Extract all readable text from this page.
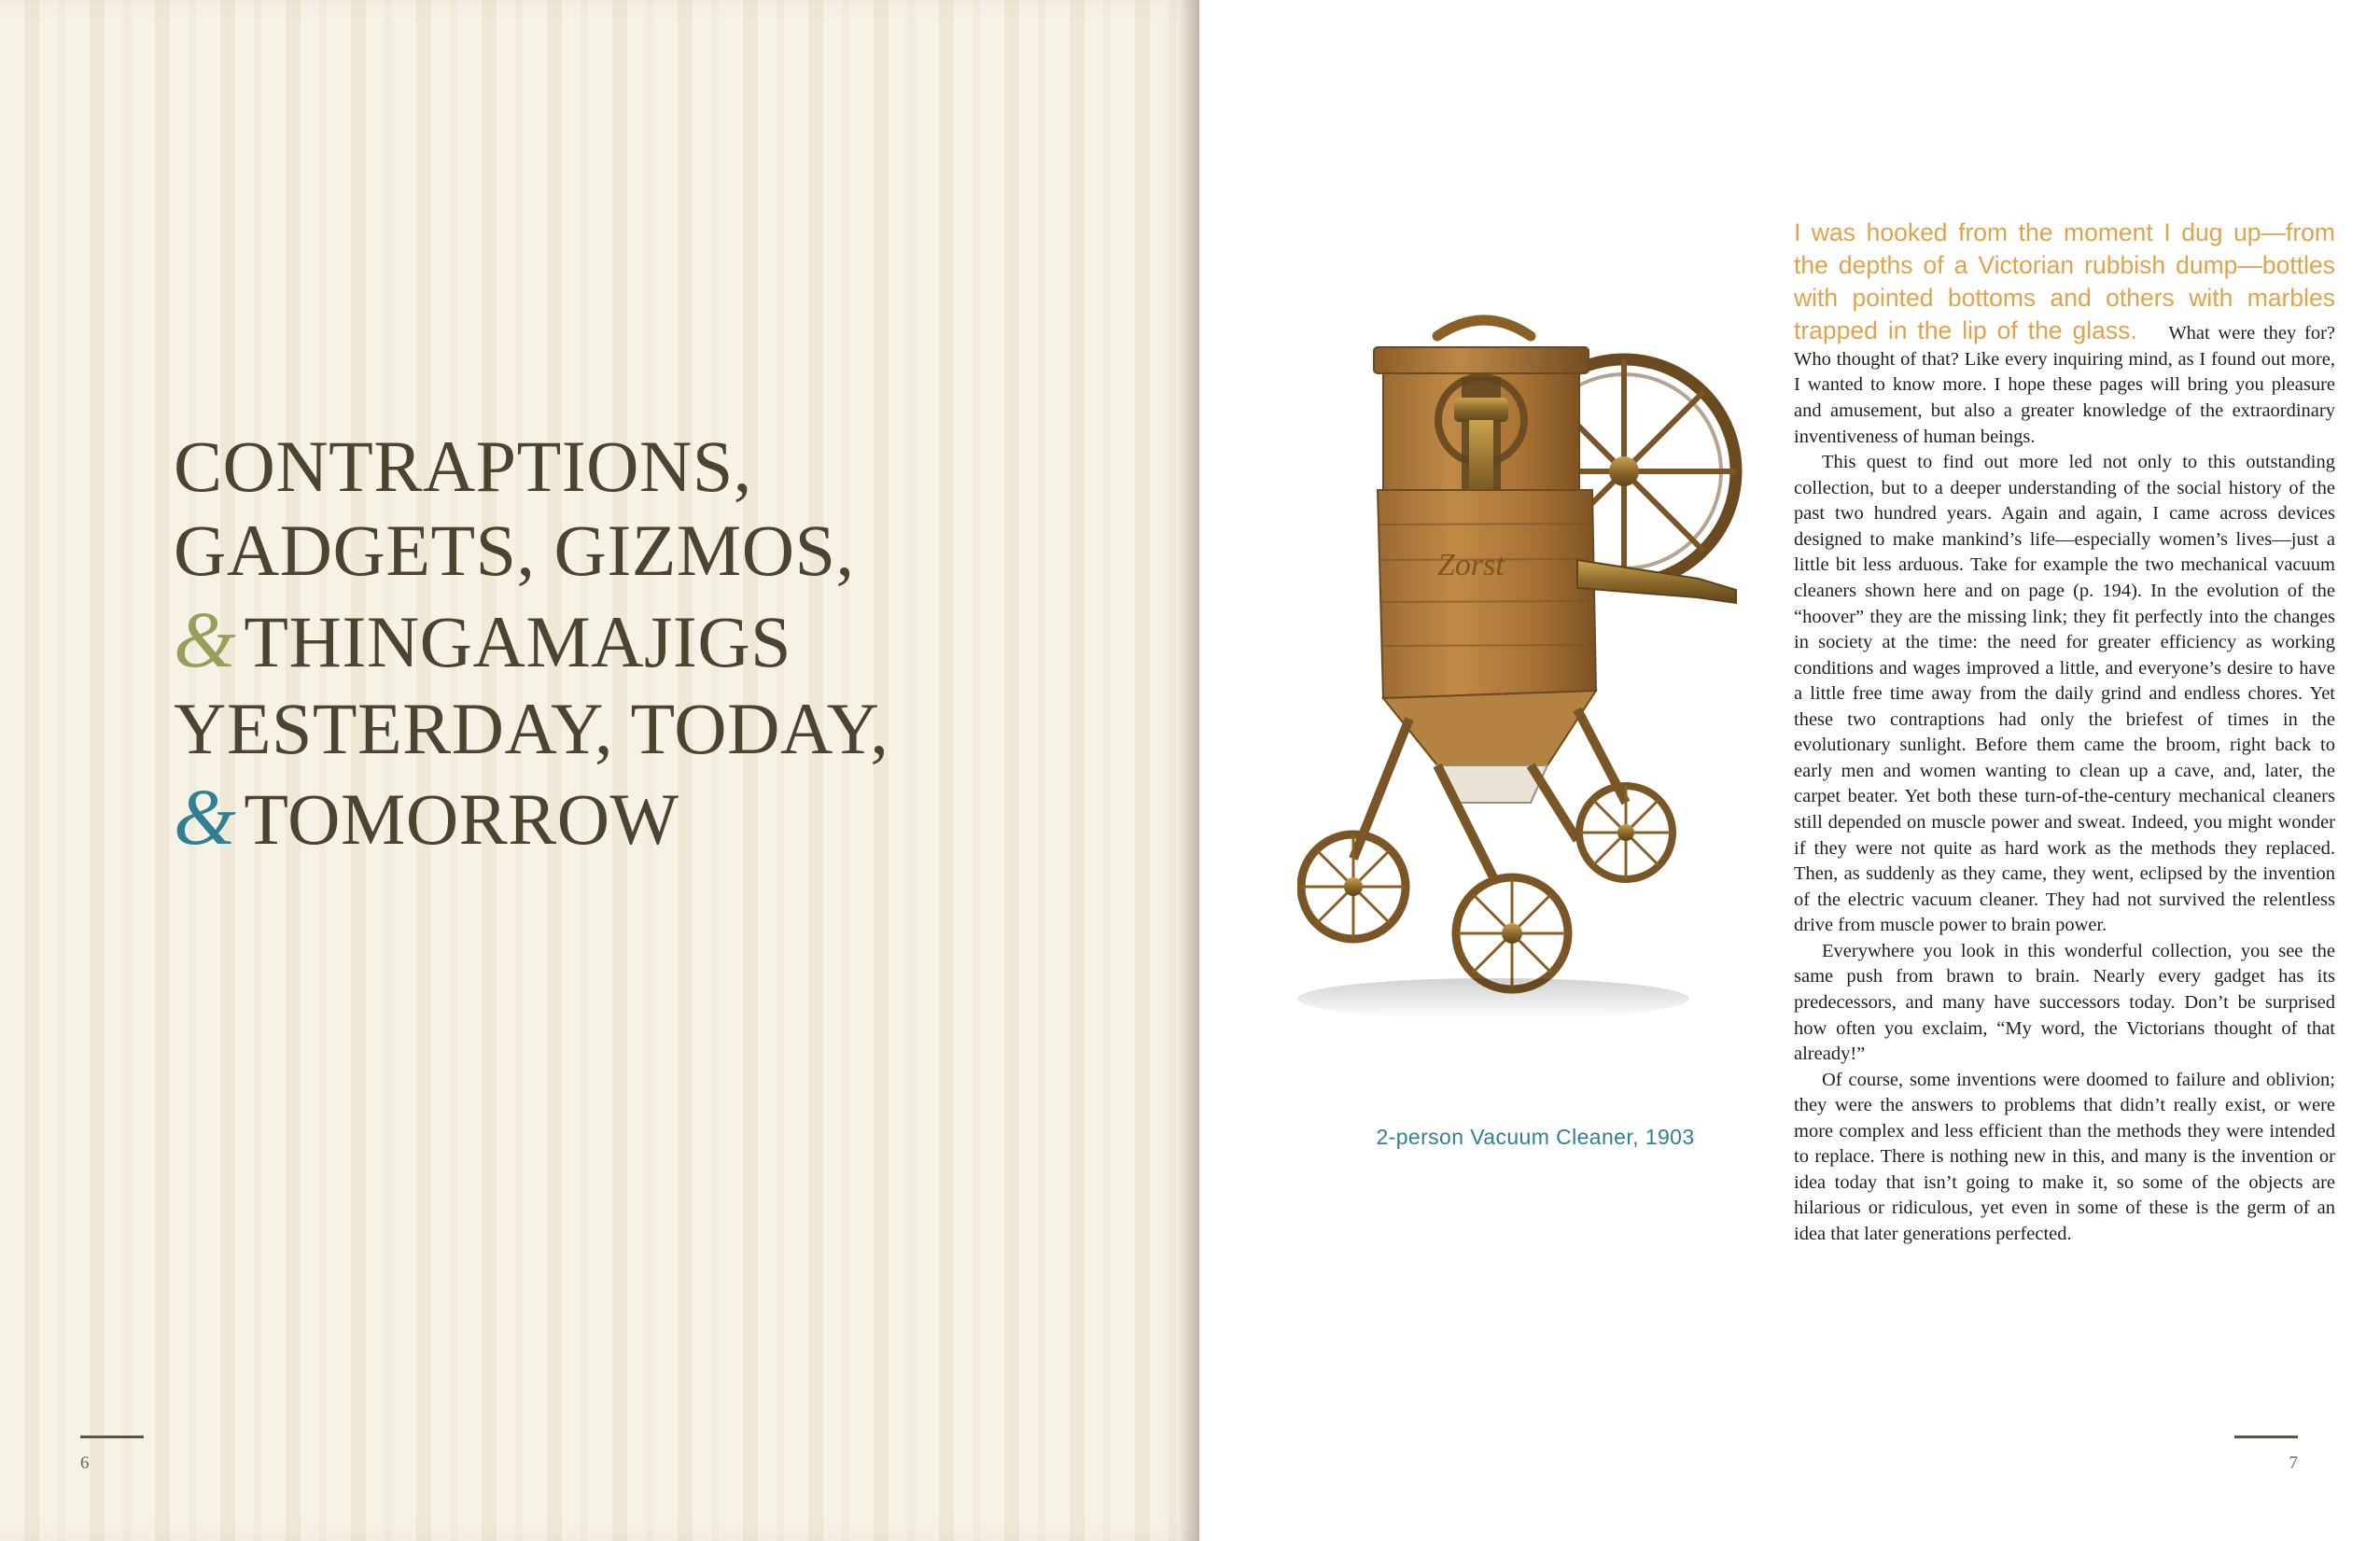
CONTRAPTIONS,
GADGETS, GIZMOS,
& THINGAMAJIGS
YESTERDAY, TODAY,
& TOMORROW
6
Zorst
2-person Vacuum Cleaner, 1903
I was hooked from the moment I dug up—from the depths of a Victorian rubbish dump—bottles with pointed bottoms and others with marbles trapped in the lip of the glass. What were they for? Who thought of that? Like every inquiring mind, as I found out more, I wanted to know more. I hope these pages will bring you pleasure and amusement, but also a greater knowledge of the extraordinary inventiveness of human beings.

This quest to find out more led not only to this outstanding collection, but to a deeper understanding of the social history of the past two hundred years. Again and again, I came across devices designed to make mankind’s life—especially women’s lives—just a little bit less arduous. Take for example the two mechanical vacuum cleaners shown here and on page (p. 194). In the evolution of the “hoover” they are the missing link; they fit perfectly into the changes in society at the time: the need for greater efficiency as working conditions and wages improved a little, and everyone’s desire to have a little free time away from the daily grind and endless chores. Yet these two contraptions had only the briefest of times in the evolutionary sunlight. Before them came the broom, right back to early men and women wanting to clean up a cave, and, later, the carpet beater. Yet both these turn-of-the-century mechanical cleaners still depended on muscle power and sweat. Indeed, you might wonder if they were not quite as hard work as the methods they replaced. Then, as suddenly as they came, they went, eclipsed by the invention of the electric vacuum cleaner. They had not survived the relentless drive from muscle power to brain power.

Everywhere you look in this wonderful collection, you see the same push from brawn to brain. Nearly every gadget has its predecessors, and many have successors today. Don’t be surprised how often you exclaim, “My word, the Victorians thought of that already!”

Of course, some inventions were doomed to failure and oblivion; they were the answers to problems that didn’t really exist, or were more complex and less efficient than the methods they were intended to replace. There is nothing new in this, and many is the invention or idea today that isn’t going to make it, so some of the objects are hilarious or ridiculous, yet even in some of these is the germ of an idea that later generations perfected.

7
